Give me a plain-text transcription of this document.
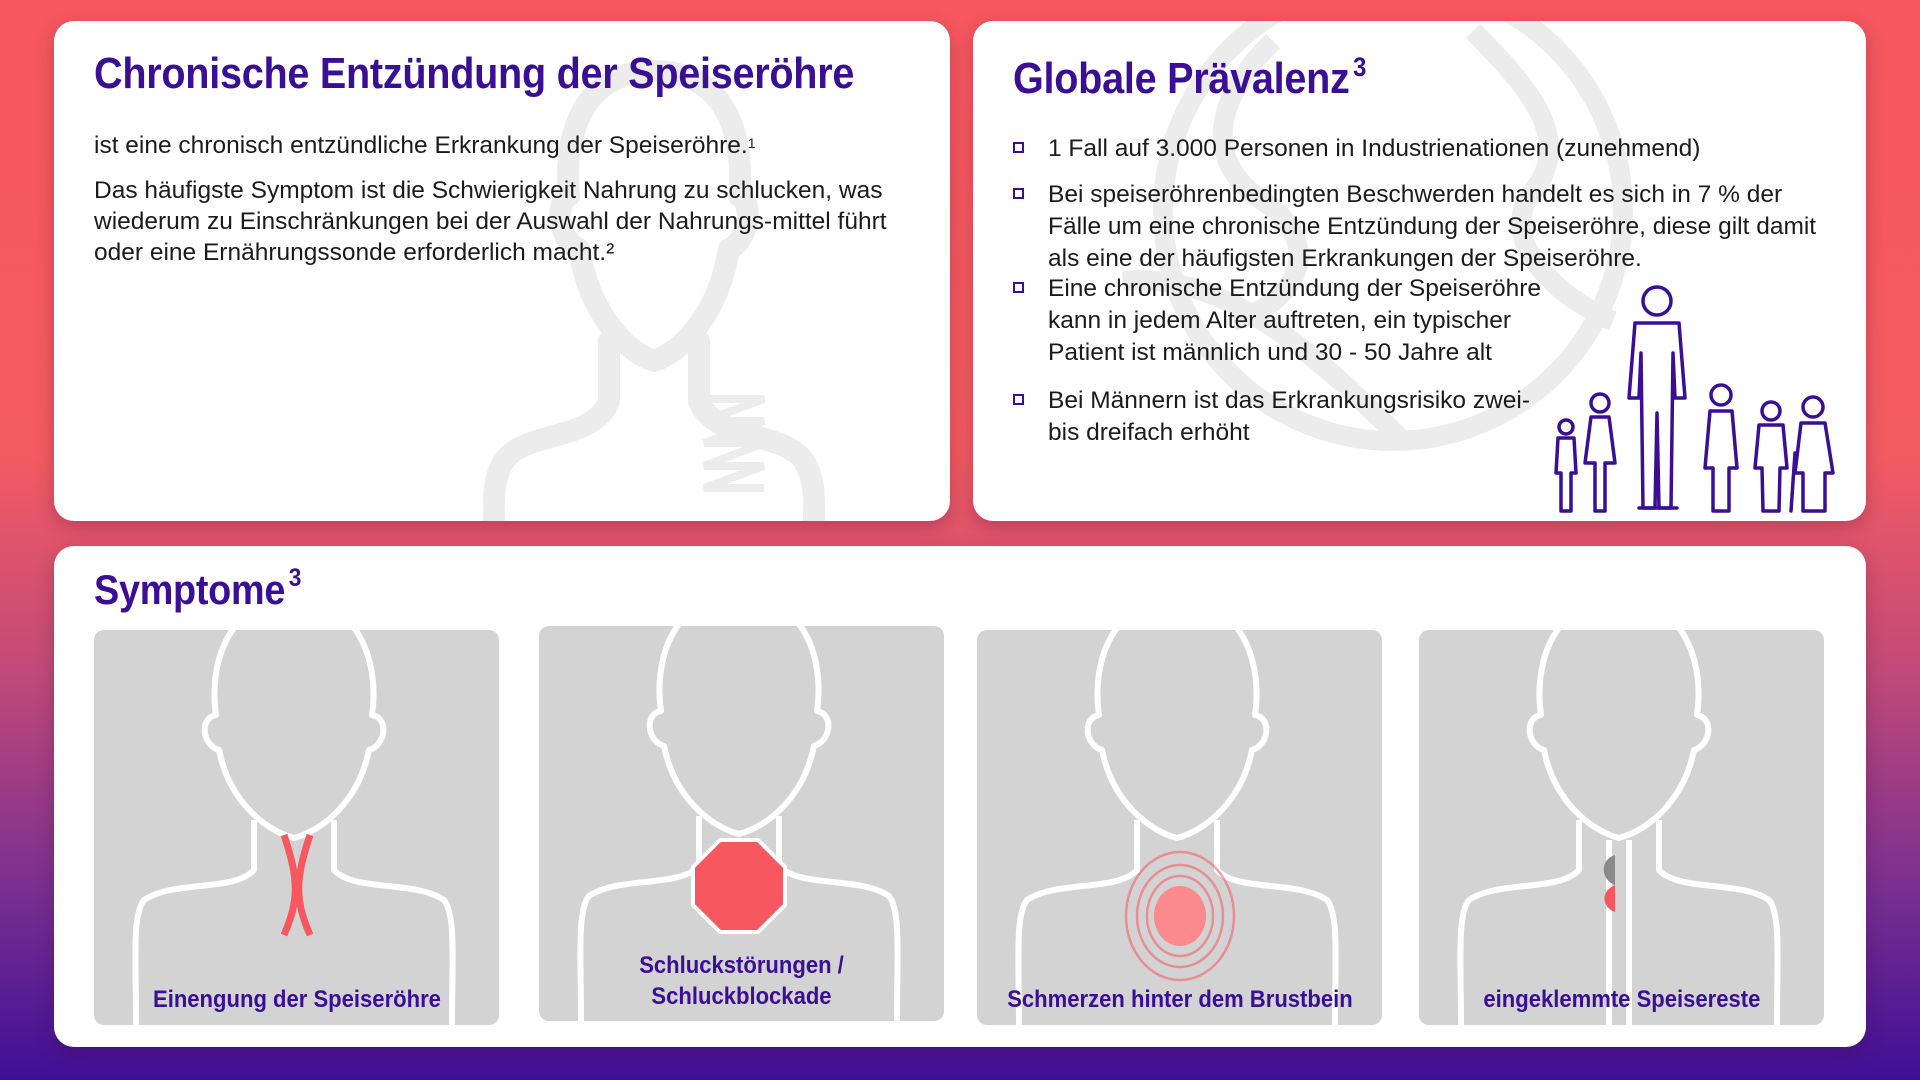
Chronische Entzündung der Speiseröhre

ist eine chronisch entzündliche Erkrankung der Speiseröhre.$^1$

Das häufigste Symptom ist die Schwierigkeit Nahrung zu schlucken, was wiederum zu Einschränkungen bei der Auswahl der Nahrungs-mittel führt oder eine Ernährungssonde erforderlich macht.²

Globale Prävalenz $^3$
1 Fall auf 3.000 Personen in Industrienationen (zunehmend)
Bei speiseröhrenbedingten Beschwerden handelt es sich in 7 % der Fälle um eine chronische Entzündung der Speiseröhre, diese gilt damit als eine der häufigsten Erkrankungen der Speiseröhre.
Eine chronische Entzündung der Speiseröhre kann in jedem Alter auftreten, ein typischer Patient ist männlich und 30 - 50 Jahre alt
Bei Männern ist das Erkrankungsrisiko zwei- bis dreifach erhöht
Symptome $^3$
Einengung der Speiseröhre
Schluckstörungen / Schluckblockade	Schmerzen hinter dem Brustbein	eingeklemmte Speisereste
